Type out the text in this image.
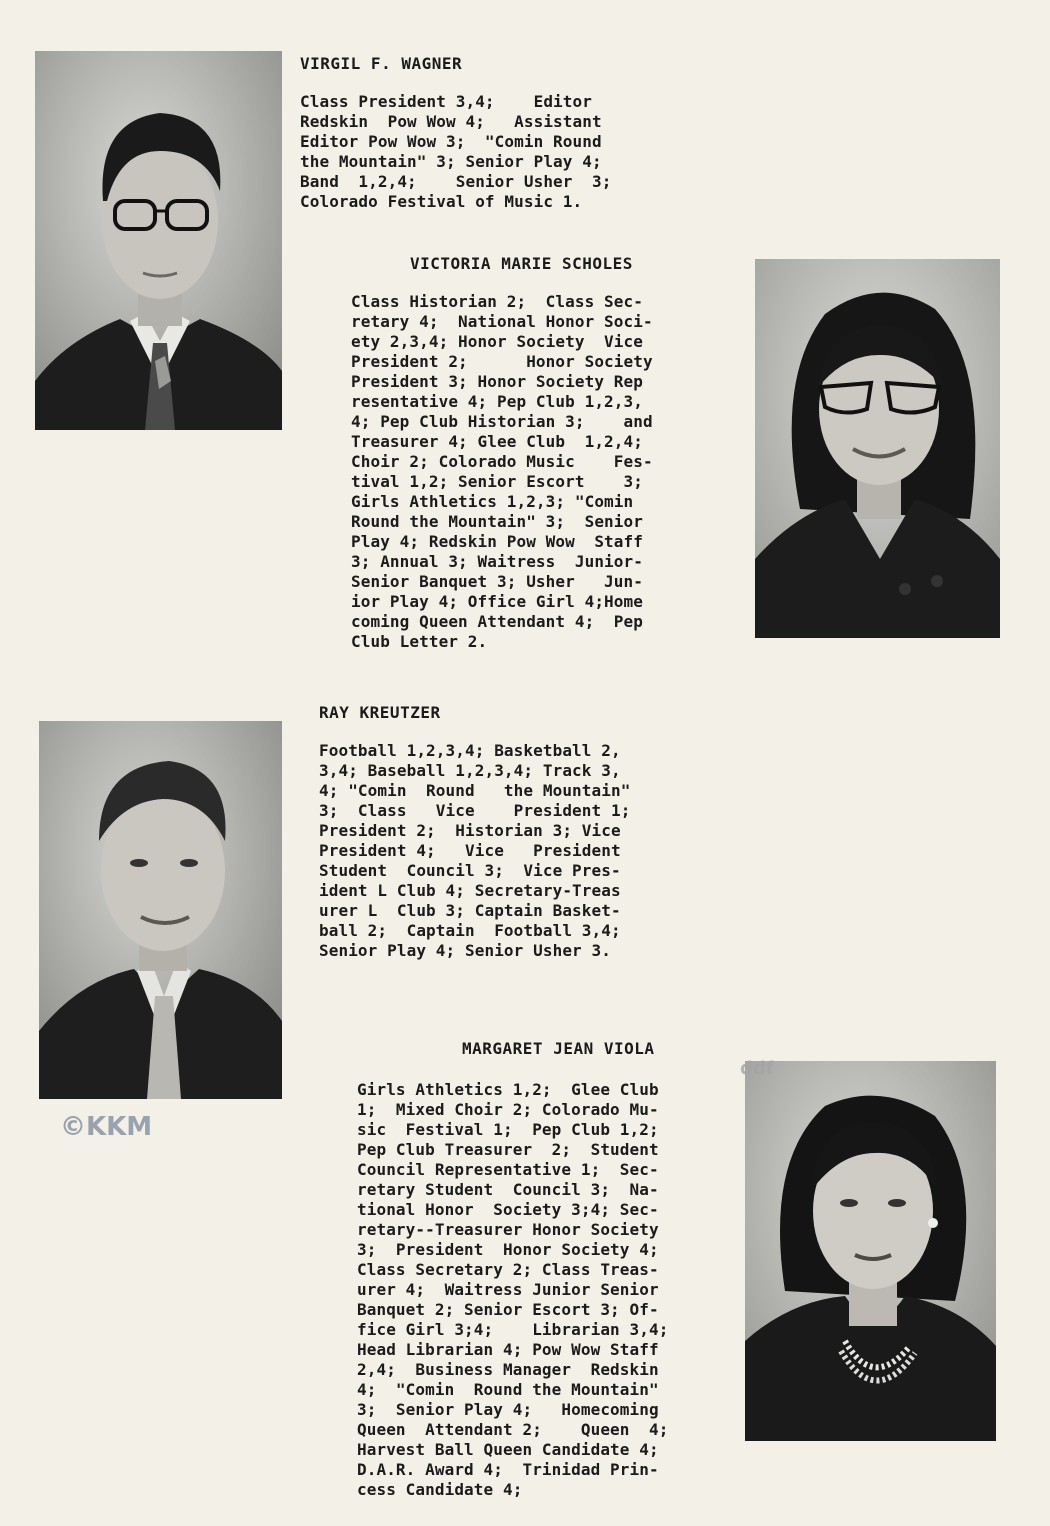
VIRGIL F. WAGNER
Class President 3,4;    Editor
Redskin  Pow Wow 4;   Assistant
Editor Pow Wow 3;  "Comin Round
the Mountain" 3; Senior Play 4;
Band  1,2,4;    Senior Usher  3;
Colorado Festival of Music 1.
VICTORIA MARIE SCHOLES
Class Historian 2;  Class Sec-
retary 4;  National Honor Soci-
ety 2,3,4; Honor Society  Vice
President 2;      Honor Society
President 3; Honor Society Rep
resentative 4; Pep Club 1,2,3,
4; Pep Club Historian 3;    and
Treasurer 4; Glee Club  1,2,4;
Choir 2; Colorado Music    Fes-
tival 1,2; Senior Escort    3;
Girls Athletics 1,2,3; "Comin
Round the Mountain" 3;  Senior
Play 4; Redskin Pow Wow  Staff
3; Annual 3; Waitress  Junior-
Senior Banquet 3; Usher   Jun-
ior Play 4; Office Girl 4;Home
coming Queen Attendant 4;  Pep
Club Letter 2.
RAY KREUTZER
Football 1,2,3,4; Basketball 2,
3,4; Baseball 1,2,3,4; Track 3,
4; "Comin  Round   the Mountain"
3;  Class   Vice    President 1;
President 2;  Historian 3; Vice
President 4;   Vice   President
Student  Council 3;  Vice Pres-
ident L Club 4; Secretary-Treas
urer L  Club 3; Captain Basket-
ball 2;  Captain  Football 3,4;
Senior Play 4; Senior Usher 3.
MARGARET JEAN VIOLA
Girls Athletics 1,2;  Glee Club
1;  Mixed Choir 2; Colorado Mu-
sic  Festival 1;  Pep Club 1,2;
Pep Club Treasurer  2;  Student
Council Representative 1;  Sec-
retary Student  Council 3;  Na-
tional Honor  Society 3;4; Sec-
retary--Treasurer Honor Society
3;  President  Honor Society 4;
Class Secretary 2; Class Treas-
urer 4;  Waitress Junior Senior
Banquet 2; Senior Escort 3; Of-
fice Girl 3;4;    Librarian 3,4;
Head Librarian 4; Pow Wow Staff
2,4;  Business Manager  Redskin
4;  "Comin  Round the Mountain"
3;  Senior Play 4;   Homecoming
Queen  Attendant 2;    Queen  4;
Harvest Ball Queen Candidate 4;
D.A.R. Award 4;  Trinidad Prin-
cess Candidate 4;
©KKM
ddf
